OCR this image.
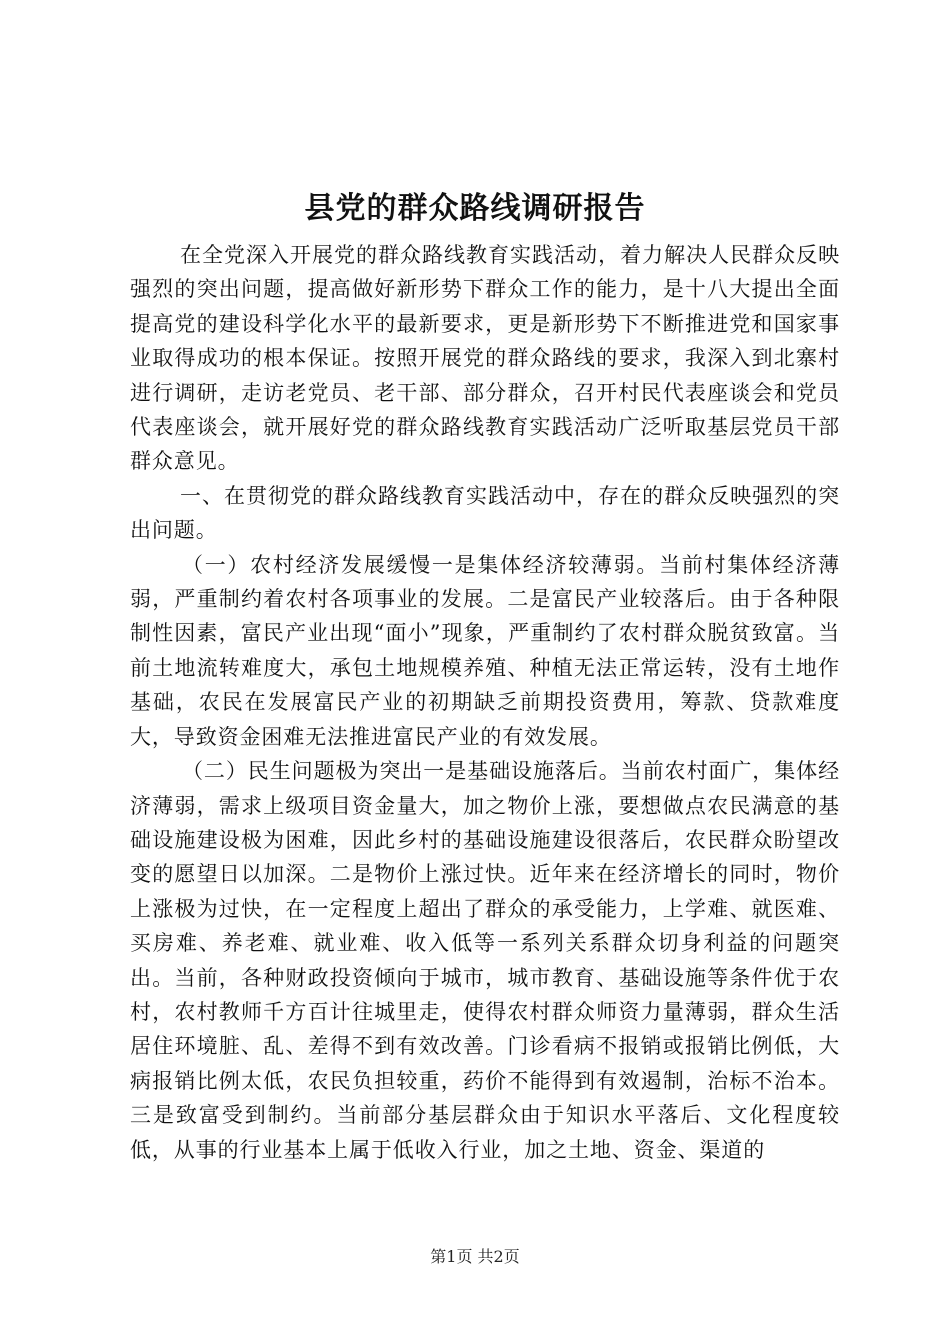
县党的群众路线调研报告

在全党深入开展党的群众路线教育实践活动，着力解决人民群众反映强烈的突出问题，提高做好新形势下群众工作的能力，是十八大提出全面提高党的建设科学化水平的最新要求，更是新形势下不断推进党和国家事业取得成功的根本保证。按照开展党的群众路线的要求，我深入到北寨村进行调研，走访老党员、老干部、部分群众，召开村民代表座谈会和党员代表座谈会，就开展好党的群众路线教育实践活动广泛听取基层党员干部群众意见。

一、在贯彻党的群众路线教育实践活动中，存在的群众反映强烈的突出问题。

（一）农村经济发展缓慢一是集体经济较薄弱。当前村集体经济薄弱，严重制约着农村各项事业的发展。二是富民产业较落后。由于各种限制性因素，富民产业出现“面小”现象，严重制约了农村群众脱贫致富。当前土地流转难度大，承包土地规模养殖、种植无法正常运转，没有土地作基础，农民在发展富民产业的初期缺乏前期投资费用，筹款、贷款难度大，导致资金困难无法推进富民产业的有效发展。

（二）民生问题极为突出一是基础设施落后。当前农村面广，集体经济薄弱，需求上级项目资金量大，加之物价上涨，要想做点农民满意的基础设施建设极为困难，因此乡村的基础设施建设很落后，农民群众盼望改变的愿望日以加深。二是物价上涨过快。近年来在经济增长的同时，物价上涨极为过快，在一定程度上超出了群众的承受能力，上学难、就医难、买房难、养老难、就业难、收入低等一系列关系群众切身利益的问题突出。当前，各种财政投资倾向于城市，城市教育、基础设施等条件优于农村，农村教师千方百计往城里走，使得农村群众师资力量薄弱，群众生活居住环境脏、乱、差得不到有效改善。门诊看病不报销或报销比例低，大病报销比例太低，农民负担较重，药价不能得到有效遏制，治标不治本。三是致富受到制约。当前部分基层群众由于知识水平落后、文化程度较低，从事的行业基本上属于低收入行业，加之土地、资金、渠道的

第1页 共2页
